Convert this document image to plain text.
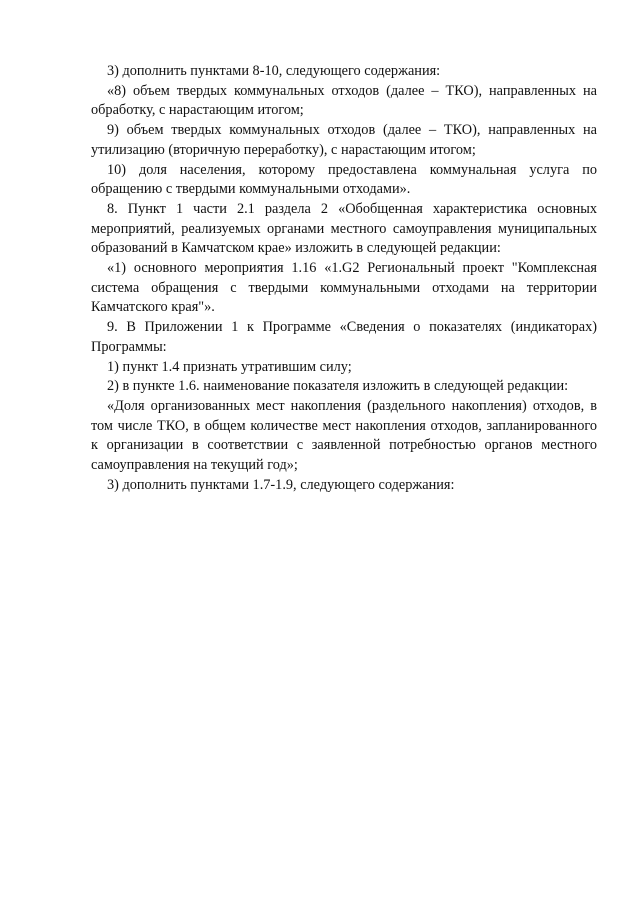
3) дополнить пунктами 8-10, следующего содержания:

«8) объем твердых коммунальных отходов (далее – ТКО), направленных на обработку, с нарастающим итогом;

9) объем твердых коммунальных отходов (далее – ТКО), направленных на утилизацию (вторичную переработку), с нарастающим итогом;

10) доля населения, которому предоставлена коммунальная услуга по обращению с твердыми коммунальными отходами».

8. Пункт 1 части 2.1 раздела 2 «Обобщенная характеристика основных мероприятий, реализуемых органами местного самоуправления муниципальных образований в Камчатском крае» изложить в следующей редакции:

«1) основного мероприятия 1.16 «1.G2 Региональный проект "Комплексная система обращения с твердыми коммунальными отходами на территории Камчатского края"».

9. В Приложении 1 к Программе «Сведения о показателях (индикаторах) Программы:

1) пункт 1.4 признать утратившим силу;

2) в пункте 1.6. наименование показателя изложить в следующей редакции:

«Доля организованных мест накопления (раздельного накопления) отходов, в том числе ТКО, в общем количестве мест накопления отходов, запланированного к организации в соответствии с заявленной потребностью органов местного самоуправления на текущий год»;

3) дополнить пунктами 1.7-1.9, следующего содержания:
